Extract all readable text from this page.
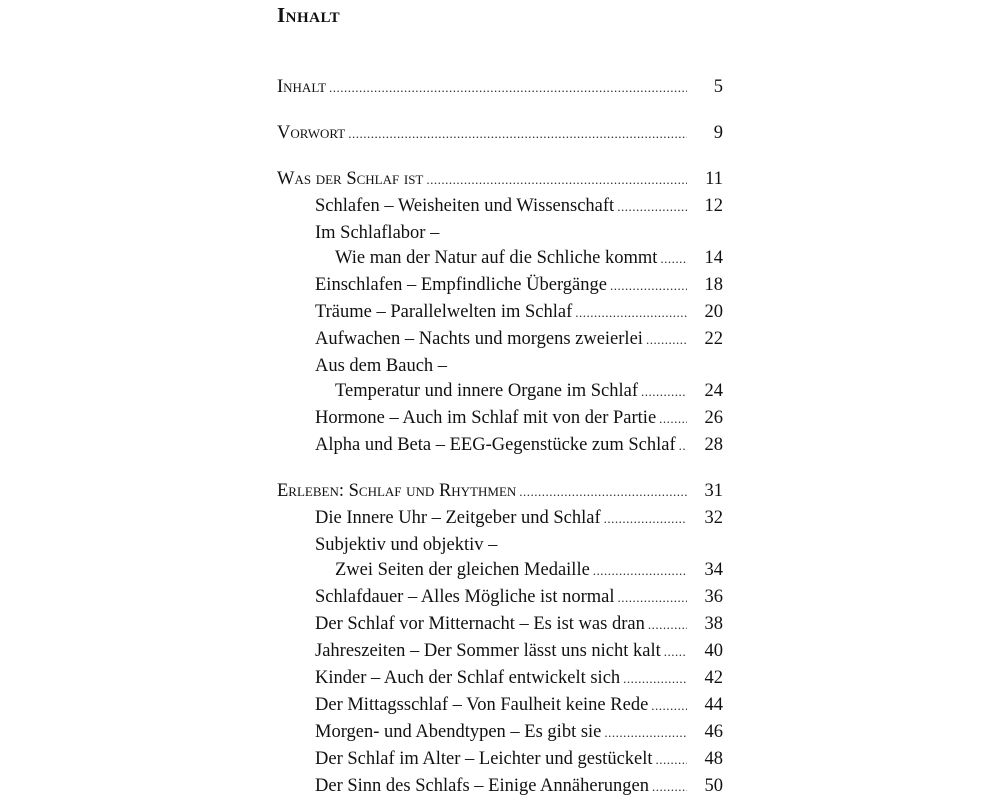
Inhalt
Inhalt .....	5
Vorwort .....	9
Was der Schlaf ist .....	11
Schlafen – Weisheiten und Wissenschaft .....	12
Im Schlaflabor –
Wie man der Natur auf die Schliche kommt .....	14
Einschlafen – Empfindliche Übergänge .....	18
Träume – Parallelwelten im Schlaf .....	20
Aufwachen – Nachts und morgens zweierlei .....	22
Aus dem Bauch –
Temperatur und innere Organe im Schlaf .....	24
Hormone – Auch im Schlaf mit von der Partie .....	26
Alpha und Beta – EEG-Gegenstücke zum Schlaf .....	28
Erleben: Schlaf und Rhythmen .....	31
Die Innere Uhr – Zeitgeber und Schlaf .....	32
Subjektiv und objektiv –
Zwei Seiten der gleichen Medaille .....	34
Schlafdauer – Alles Mögliche ist normal .....	36
Der Schlaf vor Mitternacht – Es ist was dran .....	38
Jahreszeiten – Der Sommer lässt uns nicht kalt .....	40
Kinder – Auch der Schlaf entwickelt sich .....	42
Der Mittagsschlaf – Von Faulheit keine Rede .....	44
Morgen- und Abendtypen – Es gibt sie .....	46
Der Schlaf im Alter – Leichter und gestückelt .....	48
Der Sinn des Schlafs – Einige Annäherungen .....	50
